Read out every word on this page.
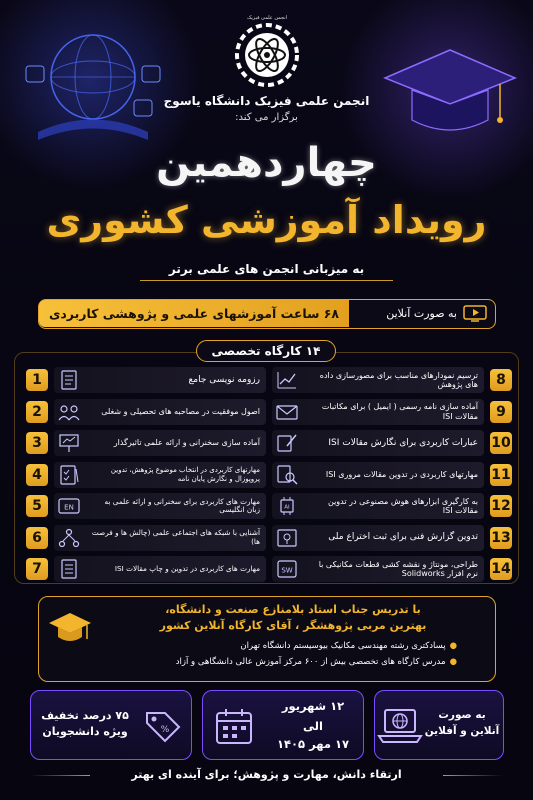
انجمن علمی فیزیک
انجمن علمی فیزیک دانشگاه یاسوج
برگزار می کند:
چهاردهمین
رویداد آموزشی کشوری
به میزبانی انجمن های علمی برتر
۶۸ ساعت آموزشهای علمی و پژوهشی کاربردی	به صورت آنلاین
۱۴ کارگاه تخصصی
1	رزومه نویسی جامع
2	اصول موفقیت در مصاحبه های تحصیلی و شغلی
3	آماده سازی سخنرانی و ارائه علمی تاثیرگذار
4	مهارتهای کاربردی در انتخاب موضوع پژوهش، تدوین پروپوزال و نگارش پایان نامه
5	مهارت های کاربردی برای سخنرانی و ارائه علمی به زبان انگلیسی
EN
6	آشنایی با شبکه های اجتماعی علمی (چالش ها و فرصت ها)
7	مهارت های کاربردی در تدوین و چاپ مقالات ISI
8
ترسیم نمودارهای مناسب برای مصورسازی داده های پژوهش
9
آماده سازی نامه رسمی ( ایمیل ) برای مکاتبات مقالات ISI
10
عبارات کاربردی برای نگارش مقالات ISI
11
مهارتهای کاربردی در تدوین مقالات مروری ISI
12
به کارگیری ابزارهای هوش مصنوعی در تدوین مقالات ISI
AI
13
تدوین گزارش فنی برای ثبت اختراع ملی
14
طراحی، مونتاژ و نقشه کشی قطعات مکانیکی با نرم افزار Solidworks
SW
با تدریس جناب استاد بلامنازع صنعت و دانشگاه،
بهترین مربی پژوهشگر ، آقای کارگاه آنلاین کشور
●پسادکتری رشته مهندسی مکانیک بیوسیستم دانشگاه تهران
●مدرس کارگاه های تخصصی بیش از ۶۰۰ مرکز آموزش عالی دانشگاهی و آزاد
۷۵ درصد تخفیف
ویژه دانشجویان	%
۱۲ شهریور
الی
۱۷ مهر ۱۴۰۵
به صورت
آنلاین و آفلاین
ارتقاء دانش، مهارت و پژوهش؛ برای آینده ای بهتر
